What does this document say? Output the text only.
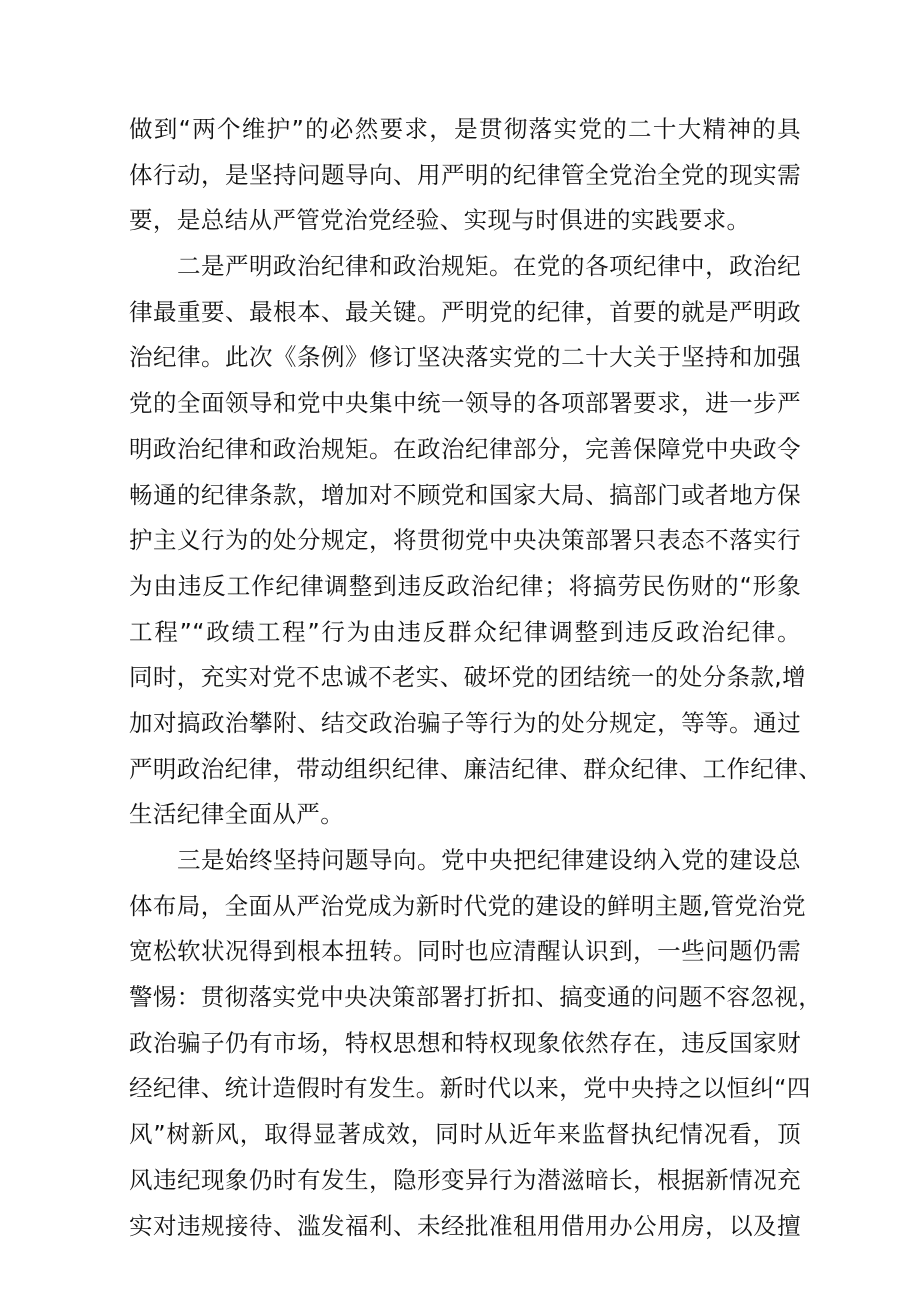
做到“两个维护”的必然要求，是贯彻落实党的二十大精神的具
体行动，是坚持问题导向、用严明的纪律管全党治全党的现实需
要，是总结从严管党治党经验、实现与时俱进的实践要求。
二是严明政治纪律和政治规矩。在党的各项纪律中，政治纪
律最重要、最根本、最关键。严明党的纪律，首要的就是严明政
治纪律。此次《条例》修订坚决落实党的二十大关于坚持和加强
党的全面领导和党中央集中统一领导的各项部署要求，进一步严
明政治纪律和政治规矩。在政治纪律部分，完善保障党中央政令
畅通的纪律条款，增加对不顾党和国家大局、搞部门或者地方保
护主义行为的处分规定，将贯彻党中央决策部署只表态不落实行
为由违反工作纪律调整到违反政治纪律；将搞劳民伤财的“形象
工程”“政绩工程”行为由违反群众纪律调整到违反政治纪律。
同时，充实对党不忠诚不老实、破坏党的团结统一的处分条款,增
加对搞政治攀附、结交政治骗子等行为的处分规定，等等。通过
严明政治纪律，带动组织纪律、廉洁纪律、群众纪律、工作纪律、
生活纪律全面从严。
三是始终坚持问题导向。党中央把纪律建设纳入党的建设总
体布局，全面从严治党成为新时代党的建设的鲜明主题,管党治党
宽松软状况得到根本扭转。同时也应清醒认识到，一些问题仍需
警惕：贯彻落实党中央决策部署打折扣、搞变通的问题不容忽视，
政治骗子仍有市场，特权思想和特权现象依然存在，违反国家财
经纪律、统计造假时有发生。新时代以来，党中央持之以恒纠“四
风”树新风，取得显著成效，同时从近年来监督执纪情况看，顶
风违纪现象仍时有发生，隐形变异行为潜滋暗长，根据新情况充
实对违规接待、滥发福利、未经批准租用借用办公用房，以及擅
